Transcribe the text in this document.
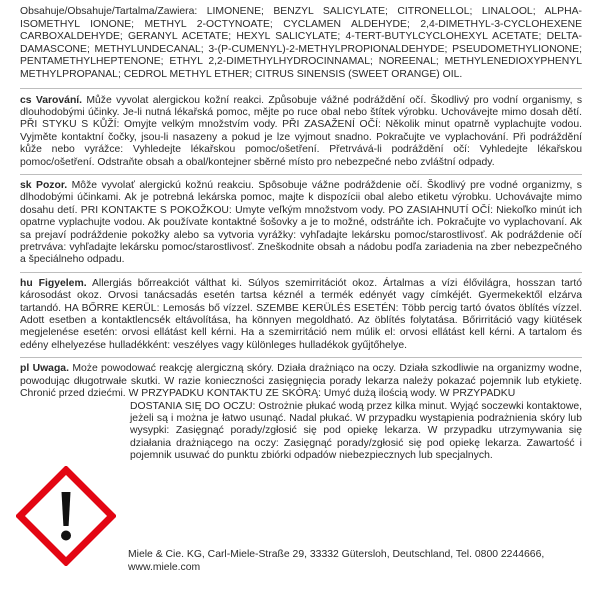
Obsahuje/Obsahuje/Tartalma/Zawiera: LIMONENE; BENZYL SALICYLATE; CITRONELLOL; LINALOOL; ALPHA-ISOMETHYL IONONE; METHYL 2-OCTYNOATE; CYCLAMEN ALDEHYDE; 2,4-DIMETHYL-3-CYCLOHEXENE CARBOXALDEHYDE; GERANYL ACETATE; HEXYL SALICYLATE; 4-TERT-BUTYLCYCLOHEXYL ACETATE; DELTA-DAMASCONE; METHYLUNDECANAL; 3-(P-CUMENYL)-2-METHYLPROPIONALDEHYDE; PSEUDOMETHYLIONONE; PENTAMETHYLHEPTENONE; ETHYL 2,2-DIMETHYLHYDROCINNAMAL; NOREENAL; METHYLENEDIOXYPHENYL METHYLPROPANAL; CEDROL METHYL ETHER; CITRUS SINENSIS (SWEET ORANGE) OIL.

cs Varování. Může vyvolat alergickou kožní reakci. Způsobuje vážné podráždění očí. Škodlivý pro vodní organismy, s dlouhodobými účinky. Je-li nutná lékařská pomoc, mějte po ruce obal nebo štítek výrobku. Uchovávejte mimo dosah dětí. PŘI STYKU S KŮŽÍ: Omyjte velkým množstvím vody. PŘI ZASAŽENÍ OČÍ: Několik minut opatrně vyplachujte vodou. Vyjměte kontaktní čočky, jsou-li nasazeny a pokud je lze vyjmout snadno. Pokračujte ve vyplachování. Při podráždění kůže nebo vyrážce: Vyhledejte lékařskou pomoc/ošetření. Přetrvává-li podráždění očí: Vyhledejte lékařskou pomoc/ošetření. Odstraňte obsah a obal/kontejner sběrné místo pro nebezpečné nebo zvláštní odpady.

sk Pozor. Môže vyvolať alergickú kožnú reakciu. Spôsobuje vážne podráždenie očí. Škodlivý pre vodné organizmy, s dlhodobými účinkami. Ak je potrebná lekárska pomoc, majte k dispozícii obal alebo etiketu výrobku. Uchovávajte mimo dosahu detí. PRI KONTAKTE S POKOŽKOU: Umyte veľkým množstvom vody. PO ZASIAHNUTÍ OČÍ: Niekoľko minút ich opatrne vyplachujte vodou. Ak používate kontaktné šošovky a je to možné, odstráňte ich. Pokračujte vo vyplachovaní. Ak sa prejaví podráždenie pokožky alebo sa vytvoria vyrážky: vyhľadajte lekársku pomoc/starostlivosť. Ak podráždenie očí pretrváva: vyhľadajte lekársku pomoc/starostlivosť. Zneškodnite obsah a nádobu podľa zariadenia na zber nebezpečného a špeciálneho odpadu.

hu Figyelem. Allergiás bőrreakciót válthat ki. Súlyos szemirritációt okoz. Ártalmas a vízi élővilágra, hosszan tartó károsodást okoz. Orvosi tanácsadás esetén tartsa kéznél a termék edényét vagy címkéjét. Gyermekektől elzárva tartandó. HA BŐRRE KERÜL: Lemosás bő vízzel. SZEMBE KERÜLÉS ESETÉN: Több percig tartó óvatos öblítés vízzel. Adott esetben a kontaktlencsék eltávolítása, ha könnyen megoldható. Az öblítés folytatása. Bőrirritáció vagy kiütések megjelenése esetén: orvosi ellátást kell kérni. Ha a szemirritáció nem múlik el: orvosi ellátást kell kérni. A tartalom és edény elhelyezése hulladékként: veszélyes vagy különleges hulladékok gyűjtőhelye.

pl Uwaga. Może powodować reakcję alergiczną skóry. Działa drażniąco na oczy. Działa szkodliwie na organizmy wodne, powodując długotrwałe skutki. W razie konieczności zasięgnięcia porady lekarza należy pokazać pojemnik lub etykietę. Chronić przed dziećmi. W PRZYPADKU KONTAKTU ZE SKÓRĄ: Umyć dużą ilością wody. W PRZYPADKU

DOSTANIA SIĘ DO OCZU: Ostrożnie płukać wodą przez kilka minut. Wyjąć soczewki kontaktowe, jeżeli są i można je łatwo usunąć. Nadal płukać. W przypadku wystąpienia podrażnienia skóry lub wysypki: Zasięgnąć porady/zgłosić się pod opiekę lekarza. W przypadku utrzymywania się działania drażniącego na oczy: Zasięgnąć porady/zgłosić się pod opiekę lekarza. Zawartość i pojemnik usuwać do punktu zbiórki odpadów niebezpiecznych lub specjalnych.

Miele & Cie. KG, Carl-Miele-Straße 29, 33332 Gütersloh, Deutschland, Tel. 0800 2244666,
www.miele.com
